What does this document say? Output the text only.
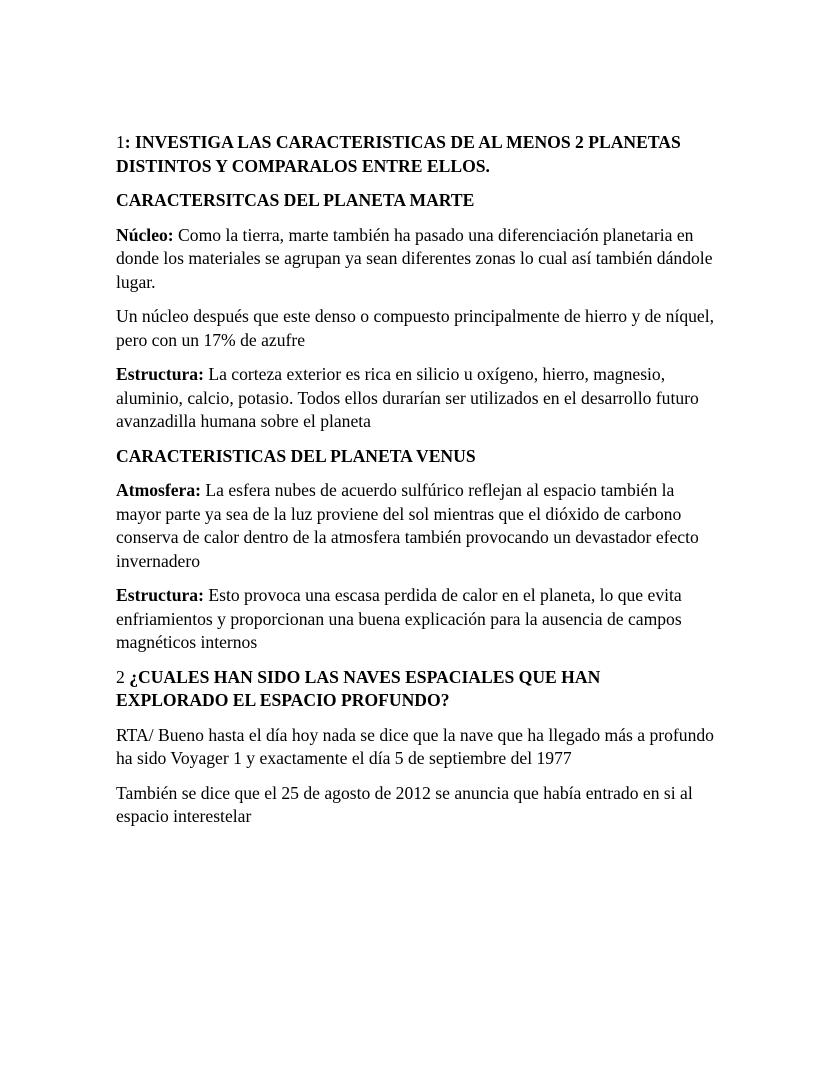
1: INVESTIGA LAS CARACTERISTICAS DE AL MENOS 2 PLANETAS DISTINTOS Y COMPARALOS ENTRE ELLOS.
CARACTERSITCAS DEL PLANETA MARTE
Núcleo: Como la tierra, marte también ha pasado una diferenciación planetaria en donde los materiales se agrupan ya sean diferentes zonas lo cual así también dándole lugar.
Un núcleo después que este denso o compuesto principalmente de hierro y de níquel, pero con un 17% de azufre
Estructura: La corteza exterior es rica en silicio u oxígeno, hierro, magnesio, aluminio, calcio, potasio. Todos ellos durarían ser utilizados en el desarrollo futuro avanzadilla humana sobre el planeta
CARACTERISTICAS DEL PLANETA VENUS
Atmosfera: La esfera nubes de acuerdo sulfúrico reflejan al espacio también la mayor parte ya sea de la luz proviene del sol mientras que el dióxido de carbono conserva de calor dentro de la atmosfera también provocando un devastador efecto invernadero
Estructura: Esto provoca una escasa perdida de calor en el planeta, lo que evita enfriamientos y proporcionan una buena explicación para la ausencia de campos magnéticos internos
2 ¿CUALES HAN SIDO LAS NAVES ESPACIALES QUE HAN EXPLORADO EL ESPACIO PROFUNDO?
RTA/ Bueno hasta el día hoy nada se dice que la nave que ha llegado más a profundo ha sido Voyager 1 y exactamente el día 5 de septiembre del 1977
También se dice que el 25 de agosto de 2012 se anuncia que había entrado en si al espacio interestelar
